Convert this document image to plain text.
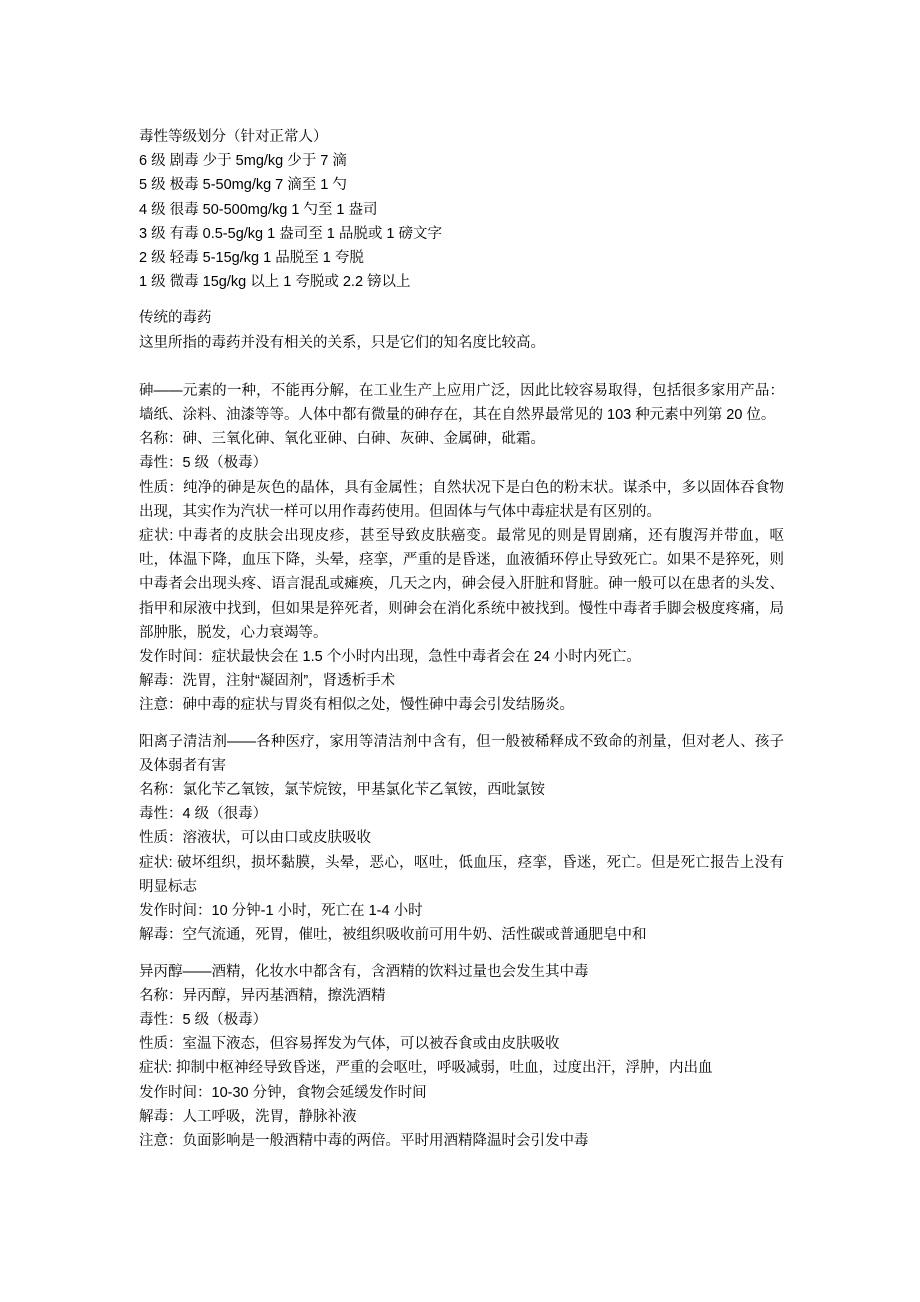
毒性等级划分（针对正常人）
6 级 剧毒 少于 5mg/kg 少于 7 滴
5 级 极毒 5-50mg/kg 7 滴至 1 勺
4 级 很毒 50-500mg/kg 1 勺至 1 盎司
3 级 有毒 0.5-5g/kg 1 盎司至 1 品脱或 1 磅文字
2 级 轻毒 5-15g/kg 1 品脱至 1 夸脱
1 级 微毒 15g/kg 以上 1 夸脱或 2.2 镑以上
传统的毒药
这里所指的毒药并没有相关的关系，只是它们的知名度比较高。
砷——元素的一种，不能再分解，在工业生产上应用广泛，因此比较容易取得，包括很多家用产品：墙纸、涂料、油漆等等。人体中都有微量的砷存在，其在自然界最常见的 103 种元素中列第 20 位。
名称：砷、三氧化砷、氧化亚砷、白砷、灰砷、金属砷，砒霜。
毒性：5 级（极毒）
性质：纯净的砷是灰色的晶体，具有金属性；自然状况下是白色的粉末状。谋杀中，多以固体吞食物出现，其实作为汽状一样可以用作毒药使用。但固体与气体中毒症状是有区别的。
症状: 中毒者的皮肤会出现皮疹，甚至导致皮肤癌变。最常见的则是胃剧痛，还有腹泻并带血，呕吐，体温下降，血压下降，头晕，痉挛，严重的是昏迷，血液循环停止导致死亡。如果不是猝死，则中毒者会出现头疼、语言混乱或瘫痪，几天之内，砷会侵入肝脏和肾脏。砷一般可以在患者的头发、指甲和尿液中找到，但如果是猝死者，则砷会在消化系统中被找到。慢性中毒者手脚会极度疼痛，局部肿胀，脱发，心力衰竭等。
发作时间：症状最快会在 1.5 个小时内出现，急性中毒者会在 24 小时内死亡。
解毒：洗胃，注射“凝固剂”，肾透析手术
注意：砷中毒的症状与胃炎有相似之处，慢性砷中毒会引发结肠炎。
阳离子清洁剂——各种医疗，家用等清洁剂中含有，但一般被稀释成不致命的剂量，但对老人、孩子及体弱者有害
名称：氯化苄乙氧铵，氯苄烷铵，甲基氯化苄乙氧铵，西吡氯铵
毒性：4 级（很毒）
性质：溶液状，可以由口或皮肤吸收
症状: 破坏组织，损坏黏膜，头晕，恶心，呕吐，低血压，痉挛，昏迷，死亡。但是死亡报告上没有明显标志
发作时间：10 分钟-1 小时，死亡在 1-4 小时
解毒：空气流通，死胃，催吐，被组织吸收前可用牛奶、活性碳或普通肥皂中和
异丙醇——酒精，化妆水中都含有，含酒精的饮料过量也会发生其中毒
名称：异丙醇，异丙基酒精，擦洗酒精
毒性：5 级（极毒）
性质：室温下液态，但容易挥发为气体，可以被吞食或由皮肤吸收
症状: 抑制中枢神经导致昏迷，严重的会呕吐，呼吸减弱，吐血，过度出汗，浮肿，内出血
发作时间：10-30 分钟，食物会延缓发作时间
解毒：人工呼吸，洗胃，静脉补液
注意：负面影响是一般酒精中毒的两倍。平时用酒精降温时会引发中毒
